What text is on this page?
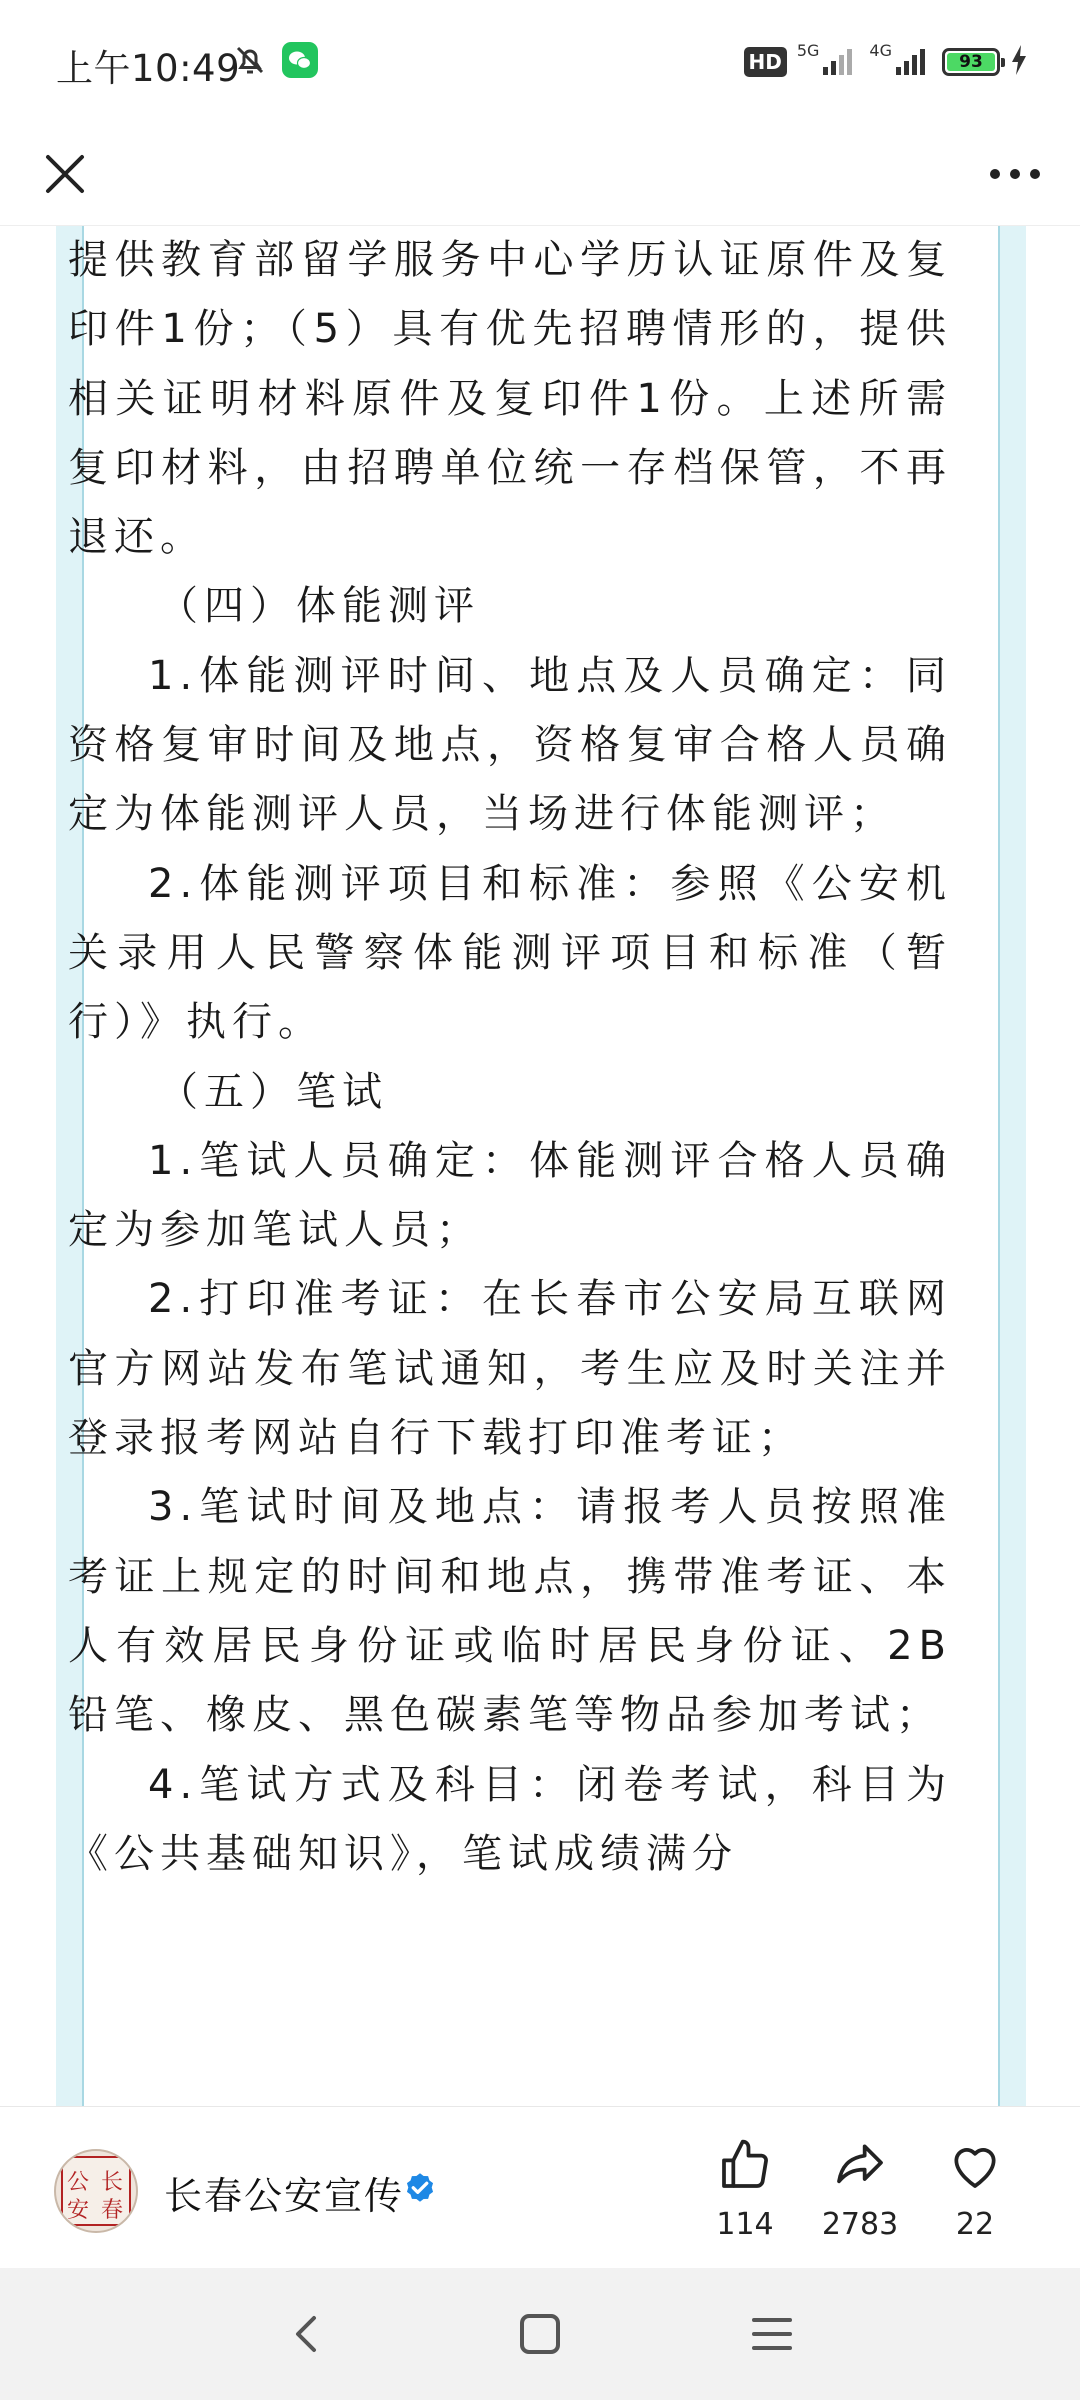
上午10:49	HD 5G	4G
93

提供教育部留学服务中心学历认证原件及复印件1份；（5）具有优先招聘情形的，提供相关证明材料原件及复印件1份。上述所需复印材料，由招聘单位统一存档保管，不再退还。

（四）体能测评

1.体能测评时间、地点及人员确定：同资格复审时间及地点，资格复审合格人员确定为体能测评人员，当场进行体能测评；

2.体能测评项目和标准：参照《公安机关录用人民警察体能测评项目和标准（暂行）》执行。

（五）笔试

1.笔试人员确定：体能测评合格人员确定为参加笔试人员；

2.打印准考证：在长春市公安局互联网官方网站发布笔试通知，考生应及时关注并登录报考网站自行下载打印准考证；

3.笔试时间及地点：请报考人员按照准考证上规定的时间和地点，携带准考证、本人有效居民身份证或临时居民身份证、2B铅笔、橡皮、黑色碳素笔等物品参加考试；

4.笔试方式及科目：闭卷考试，科目为《公共基础知识》，笔试成绩满分

公 长
安 春 长春公安宣传
114	2783	22
